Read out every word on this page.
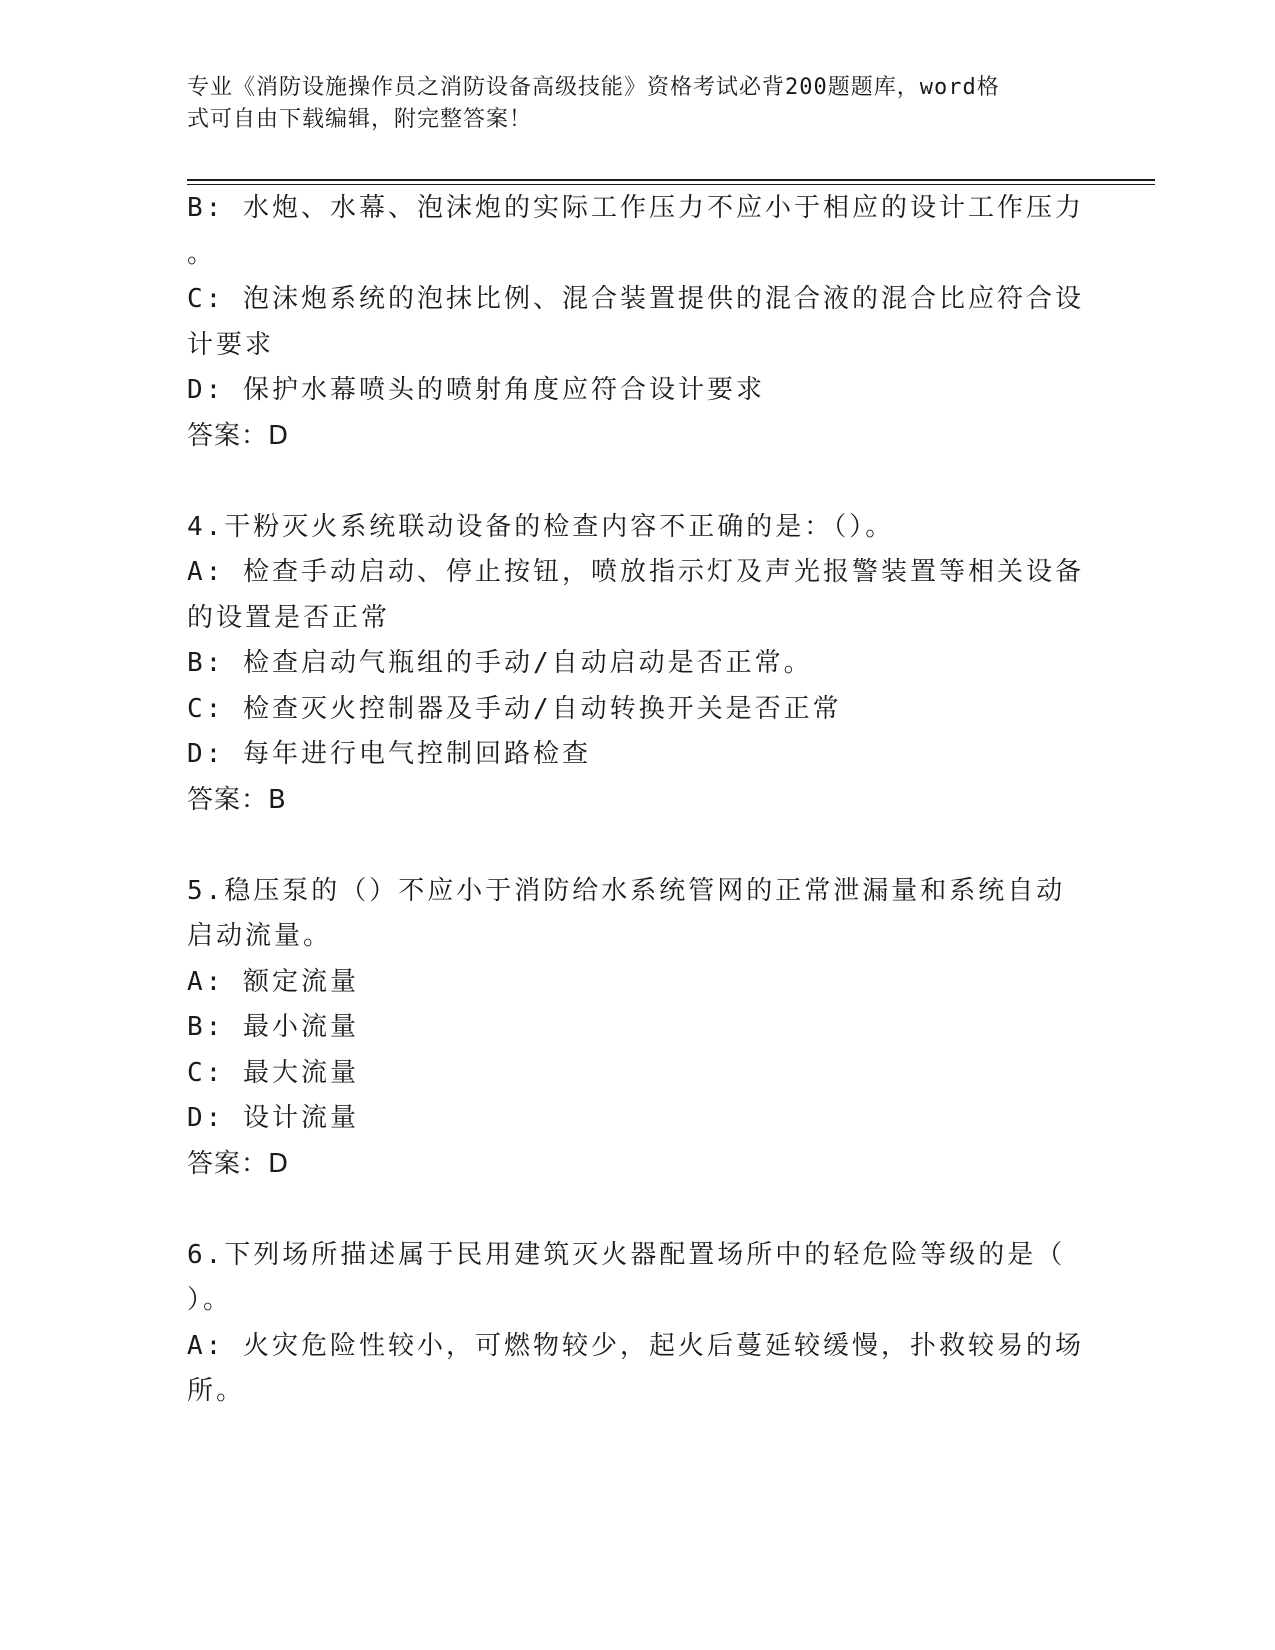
专业《消防设施操作员之消防设备高级技能》资格考试必背200题题库，word格
式可自由下载编辑，附完整答案！
B: 水炮、水幕、泡沫炮的实际工作压力不应小于相应的设计工作压力
。
C: 泡沫炮系统的泡抹比例、混合装置提供的混合液的混合比应符合设
计要求
D: 保护水幕喷头的喷射角度应符合设计要求
答案：D
4.干粉灭火系统联动设备的检查内容不正确的是：（）。
A: 检查手动启动、停止按钮，喷放指示灯及声光报警装置等相关设备
的设置是否正常
B: 检查启动气瓶组的手动/自动启动是否正常。
C: 检查灭火控制器及手动/自动转换开关是否正常
D: 每年进行电气控制回路检查
答案：B
5.稳压泵的（）不应小于消防给水系统管网的正常泄漏量和系统自动
启动流量。
A: 额定流量
B: 最小流量
C: 最大流量
D: 设计流量
答案：D
6.下列场所描述属于民用建筑灭火器配置场所中的轻危险等级的是（
）。
A: 火灾危险性较小，可燃物较少，起火后蔓延较缓慢，扑救较易的场
所。
